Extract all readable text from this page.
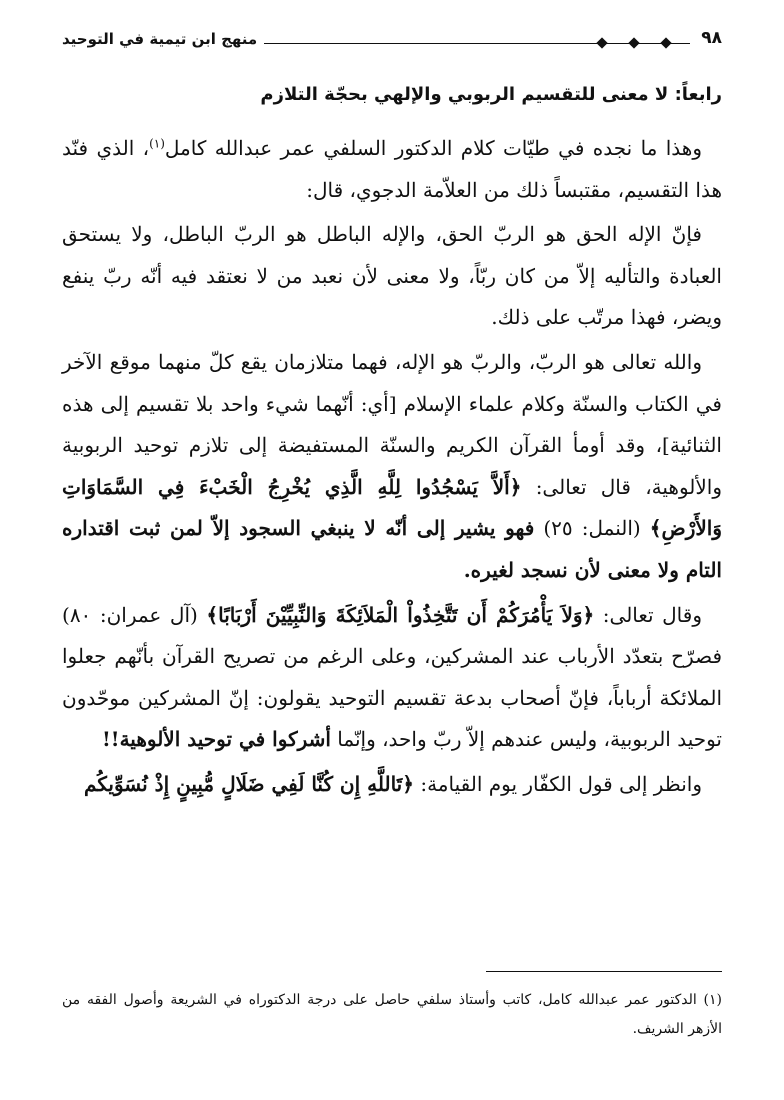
٩٨
منهج ابن تيمية في التوحيد
رابعاً: لا معنى للتقسيم الربوبي والإلهي بحجّة التلازم

وهذا ما نجده في طيّات كلام الدكتور السلفي عمر عبدالله كامل$^{(١)}$، الذي فنّد هذا التقسيم، مقتبساً ذلك من العلاّمة الدجوي، قال:

فإنّ الإله الحق هو الربّ الحق، والإله الباطل هو الربّ الباطل، ولا يستحق العبادة والتأليه إلاّ من كان ربّاً، ولا معنى لأن نعبد من لا نعتقد فيه أنّه ربّ ينفع ويضر، فهذا مرتّب على ذلك.

والله تعالى هو الربّ، والربّ هو الإله، فهما متلازمان يقع كلّ منهما موقع الآخر في الكتاب والسنّة وكلام علماء الإسلام [أي: أنّهما شيء واحد بلا تقسيم إلى هذه الثنائية]، وقد أومأ القرآن الكريم والسنّة المستفيضة إلى تلازم توحيد الربوبية والألوهية، قال تعالى: ﴿أَلاَّ يَسْجُدُوا لِلَّهِ الَّذِي يُخْرِجُ الْخَبْءَ فِي السَّمَاوَاتِ وَالأَرْضِ﴾ (النمل: ٢٥) فهو يشير إلى أنّه لا ينبغي السجود إلاّ لمن ثبت اقتداره التام ولا معنى لأن نسجد لغيره.

وقال تعالى: ﴿وَلاَ يَأْمُرَكُمْ أَن تَتَّخِذُواْ الْمَلاَئِكَةَ وَالنِّبِيِّيْنَ أَرْبَابًا﴾ (آل عمران: ٨٠) فصرّح بتعدّد الأرباب عند المشركين، وعلى الرغم من تصريح القرآن بأنّهم جعلوا الملائكة أرباباً، فإنّ أصحاب بدعة تقسيم التوحيد يقولون: إنّ المشركين موحّدون توحيد الربوبية، وليس عندهم إلاّ ربّ واحد، وإنّما أشركوا في توحيد الألوهية!!

وانظر إلى قول الكفّار يوم القيامة: ﴿تَاللَّهِ إِن كُنَّا لَفِي ضَلَالٍ مُّبِينٍ إِذْ نُسَوِّيكُم

(١) الدكتور عمر عبدالله كامل، كاتب وأستاذ سلفي حاصل على درجة الدكتوراه في الشريعة وأصول الفقه من الأزهر الشريف.
